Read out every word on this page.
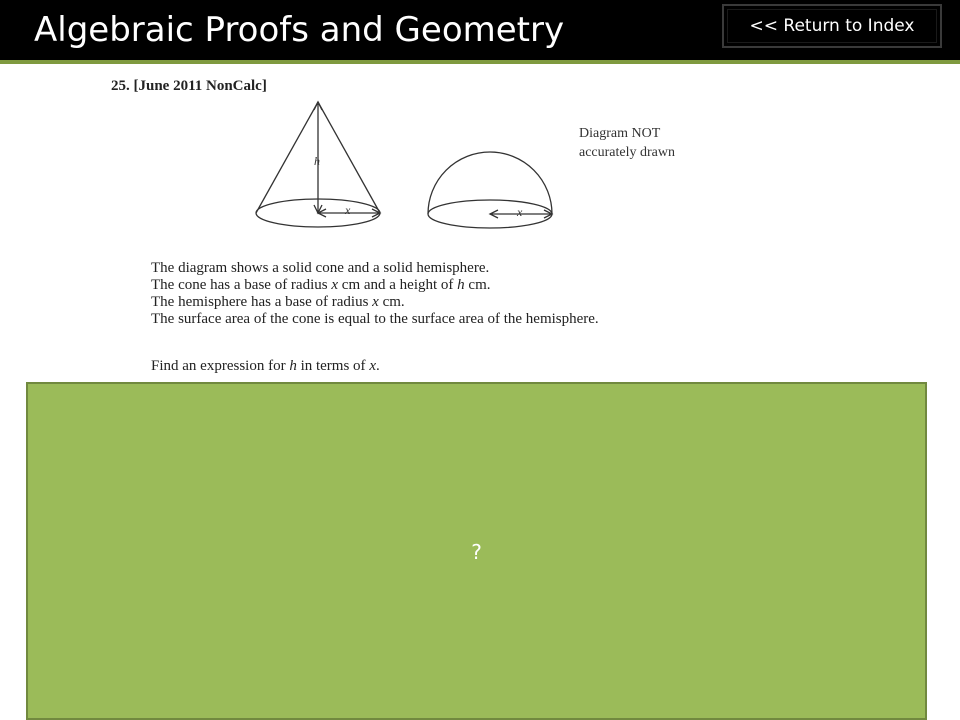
Algebraic Proofs and Geometry	<< Return to Index
25. [June 2011 NonCalc]
h
x	x
Diagram NOT
accurately drawn
The diagram shows a solid cone and a solid hemisphere.
The cone has a base of radius x cm and a height of h cm.
The hemisphere has a base of radius x cm.
The surface area of the cone is equal to the surface area of the hemisphere.
Find an expression for h in terms of x.
?
